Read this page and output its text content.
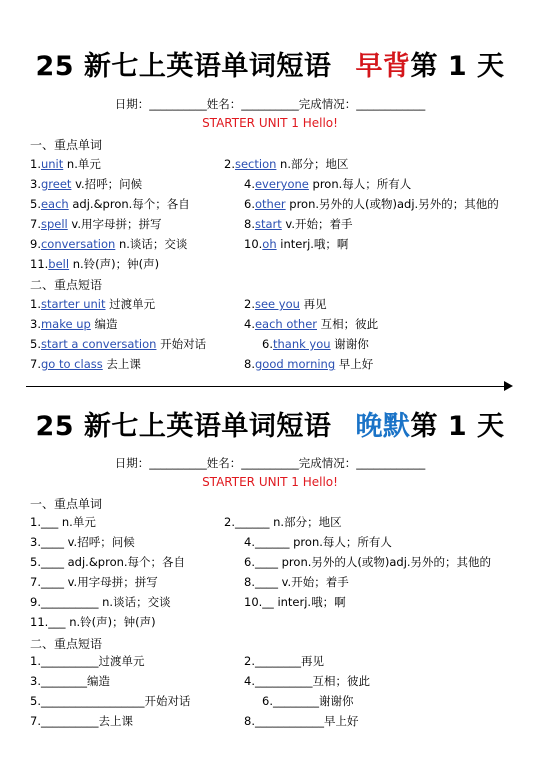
25 新七上英语单词短语 早背第 1 天
日期：__________姓名：__________完成情况：____________
STARTER UNIT 1 Hello!
一、重点单词
1.unit n.单元	2.section n.部分；地区
3.greet v.招呼；问候	4.everyone pron.每人；所有人
5.each adj.&pron.每个；各自	6.other pron.另外的人(或物)adj.另外的；其他的
7.spell v.用字母拼；拼写	8.start v.开始；着手
9.conversation n.谈话；交谈	10.oh interj.哦；啊
11.bell n.铃(声)；钟(声)
二、重点短语
1.starter unit 过渡单元	2.see you 再见
3.make up 编造	4.each other 互相；彼此
5.start a conversation 开始对话	6.thank you 谢谢你
7.go to class 去上课	8.good morning 早上好
25 新七上英语单词短语 晚默第 1 天
日期：__________姓名：__________完成情况：____________
STARTER UNIT 1 Hello!
一、重点单词
1.___ n.单元	2.______ n.部分；地区
3.____ v.招呼；问候	4.______ pron.每人；所有人
5.____ adj.&pron.每个；各自	6.____ pron.另外的人(或物)adj.另外的；其他的
7.____ v.用字母拼；拼写	8.____ v.开始；着手
9.__________ n.谈话；交谈	10.__ interj.哦；啊
11.___ n.铃(声)；钟(声)
二、重点短语
1.__________过渡单元	2.________再见
3.________编造	4.__________互相；彼此
5.__________________开始对话	6.________谢谢你
7.__________去上课	8.____________早上好
